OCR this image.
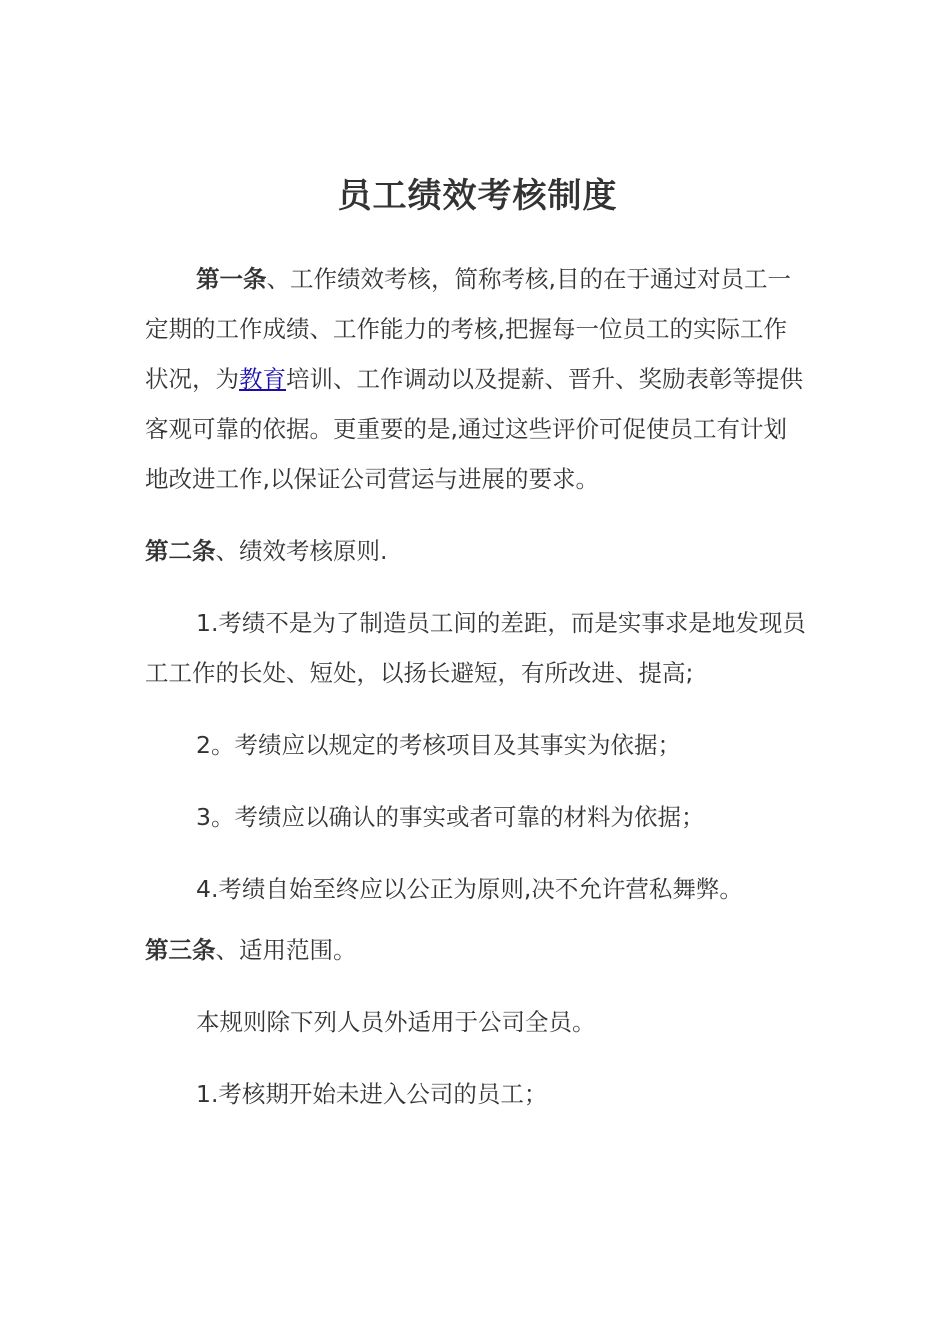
员工绩效考核制度

第一条、工作绩效考核，简称考核,目的在于通过对员工一定期的工作成绩、工作能力的考核,把握每一位员工的实际工作状况，为教育培训、工作调动以及提薪、晋升、奖励表彰等提供客观可靠的依据。更重要的是,通过这些评价可促使员工有计划地改进工作,以保证公司营运与进展的要求。

第二条、绩效考核原则.

1.考绩不是为了制造员工间的差距，而是实事求是地发现员工工作的长处、短处，以扬长避短，有所改进、提高;

2。考绩应以规定的考核项目及其事实为依据；

3。考绩应以确认的事实或者可靠的材料为依据；

4.考绩自始至终应以公正为原则,决不允许营私舞弊。

第三条、适用范围。

本规则除下列人员外适用于公司全员。

1.考核期开始未进入公司的员工；
